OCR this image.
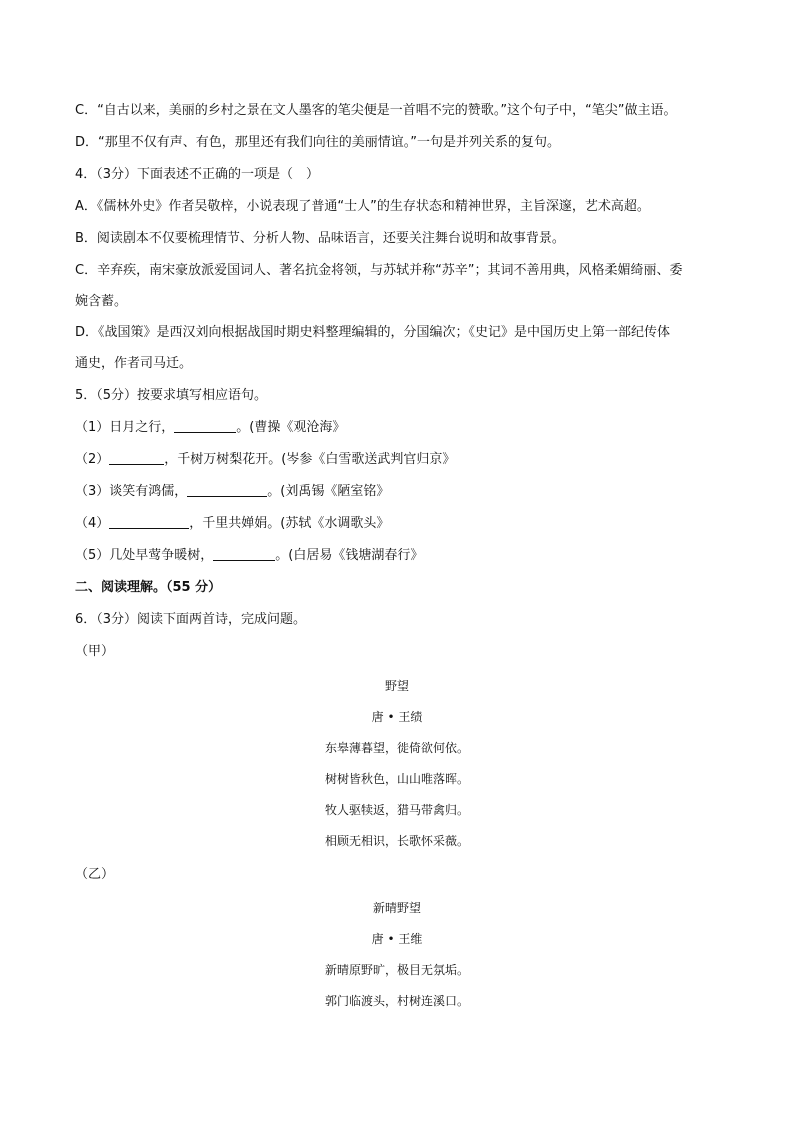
C．“自古以来，美丽的乡村之景在文人墨客的笔尖便是一首唱不完的赞歌。”这个句子中，“笔尖”做主语。
D．“那里不仅有声、有色，那里还有我们向往的美丽情谊。”一句是并列关系的复句。
4．（3分）下面表述不正确的一项是（　）
A．《儒林外史》作者吴敬梓，小说表现了普通“士人”的生存状态和精神世界，主旨深邃，艺术高超。
B．阅读剧本不仅要梳理情节、分析人物、品味语言，还要关注舞台说明和故事背景。
C．辛弃疾，南宋豪放派爱国词人、著名抗金将领，与苏轼并称“苏辛”；其词不善用典，风格柔媚绮丽、委
婉含蓄。
D．《战国策》是西汉刘向根据战国时期史料整理编辑的，分国编次；《史记》是中国历史上第一部纪传体
通史，作者司马迁。
5．（5分）按要求填写相应语句。
（1）日月之行，	。(曹操《观沧海》
（2）	，千树万树梨花开。(岑参《白雪歌送武判官归京》
（3）谈笑有鸿儒，	。(刘禹锡《陋室铭》
（4）	，千里共婵娟。(苏轼《水调歌头》
（5）几处早莺争暖树，	。(白居易《钱塘湖春行》
二、阅读理解。（55 分）
6．（3分）阅读下面两首诗，完成问题。
（甲）
野望
唐 • 王绩
东皋薄暮望，徙倚欲何依。
树树皆秋色，山山唯落晖。
牧人驱犊返，猎马带禽归。
相顾无相识，长歌怀采薇。
（乙）
新晴野望
唐 • 王维
新晴原野旷，极目无氛垢。
郭门临渡头，村树连溪口。
